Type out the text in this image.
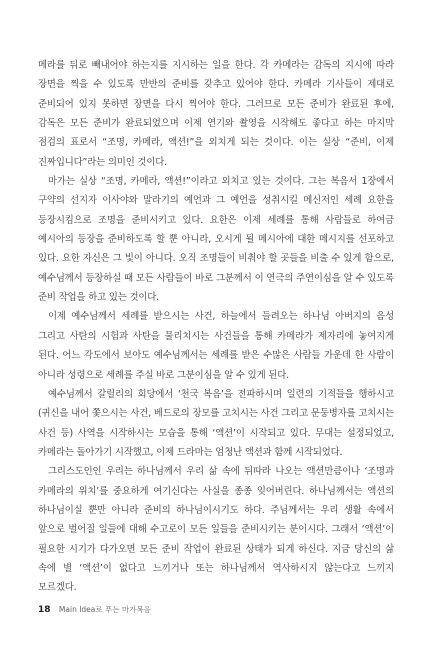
메라를 뒤로 빼내어야 하는지를 지시하는 일을 한다. 각 카메라는 감독의 지시에 따라 장면을 찍을 수 있도록 만반의 준비를 갖추고 있어야 한다. 카메라 기사들이 제대로 준비되어 있지 못하면 장면을 다시 찍어야 한다. 그러므로 모든 준비가 완료된 후에, 감독은 모든 준비가 완료되었으며 이제 연기와 촬영을 시작해도 좋다고 하는 마지막 점검의 표로서 “조명, 카메라, 액션!”을 외치게 되는 것이다. 이는 실상 “준비, 이제 진짜입니다”라는 의미인 것이다.

마가는 실상 “조명, 카메라, 액션!”이라고 외치고 있는 것이다. 그는 복음서 1장에서 구약의 선지자 이사야와 말라기의 예언과 그 예언을 성취시킬 메신저인 세례 요한을 등장시킴으로 조명을 준비시키고 있다. 요한은 이제 세례를 통해 사람들로 하여금 예시아의 등장을 준비하도록 할 뿐 아니라, 오시게 될 메시아에 대한 메시지를 선포하고 있다. 요한 자신은 그 빛이 아니다. 오직 조명들이 비춰야 할 곳들을 비출 수 있게 함으로, 예수님께서 등장하실 때 모든 사람들이 바로 그분께서 이 연극의 주연이심을 알 수 있도록 준비 작업을 하고 있는 것이다.

이제 예수님께서 세례를 받으시는 사건, 하늘에서 들려오는 하나님 아버지의 음성 그리고 사탄의 시험과 사탄을 물리치시는 사건들을 통해 카메라가 제자리에 놓여지게 된다. 어느 각도에서 보아도 예수님께서는 세례를 받은 수많은 사람들 가운데 한 사람이 아니라 성령으로 세례를 주실 바로 그분이심을 알 수 있게 된다.

예수님께서 갈릴리의 회당에서 ‘천국 복음’을 전파하시며 일련의 기적들을 행하시고 (귀신을 내어 쫓으시는 사건, 베드로의 장모를 고치시는 사건 그리고 문둥병자를 고치시는 사건 등) 사역을 시작하시는 모습을 통해 ‘액션’이 시작되고 있다. 무대는 설정되었고, 카메라는 돌아가기 시작했고, 이제 드라마는 엄청난 액션과 함께 시작되었다.

그리스도인인 우리는 하나님께서 우리 삶 속에 뒤따라 나오는 액션만큼이나 ‘조명과 카메라의 위치’를 중요하게 여기신다는 사실을 종종 잊어버린다. 하나님께서는 액션의 하나님이실 뿐만 아니라 준비의 하나님이시기도 하다. 주님께서는 우리 생활 속에서 앞으로 벌어질 일들에 대해 수고로이 모든 일들을 준비시키는 분이시다. 그래서 ‘액션’이 필요한 시기가 다가오면 모든 준비 작업이 완료된 상태가 되게 하신다. 지금 당신의 삶 속에 별 ‘액션’이 없다고 느끼거나 또는 하나님께서 역사하시지 않는다고 느끼지 모르겠다.

18 Main Idea로 푸는 마가복음
